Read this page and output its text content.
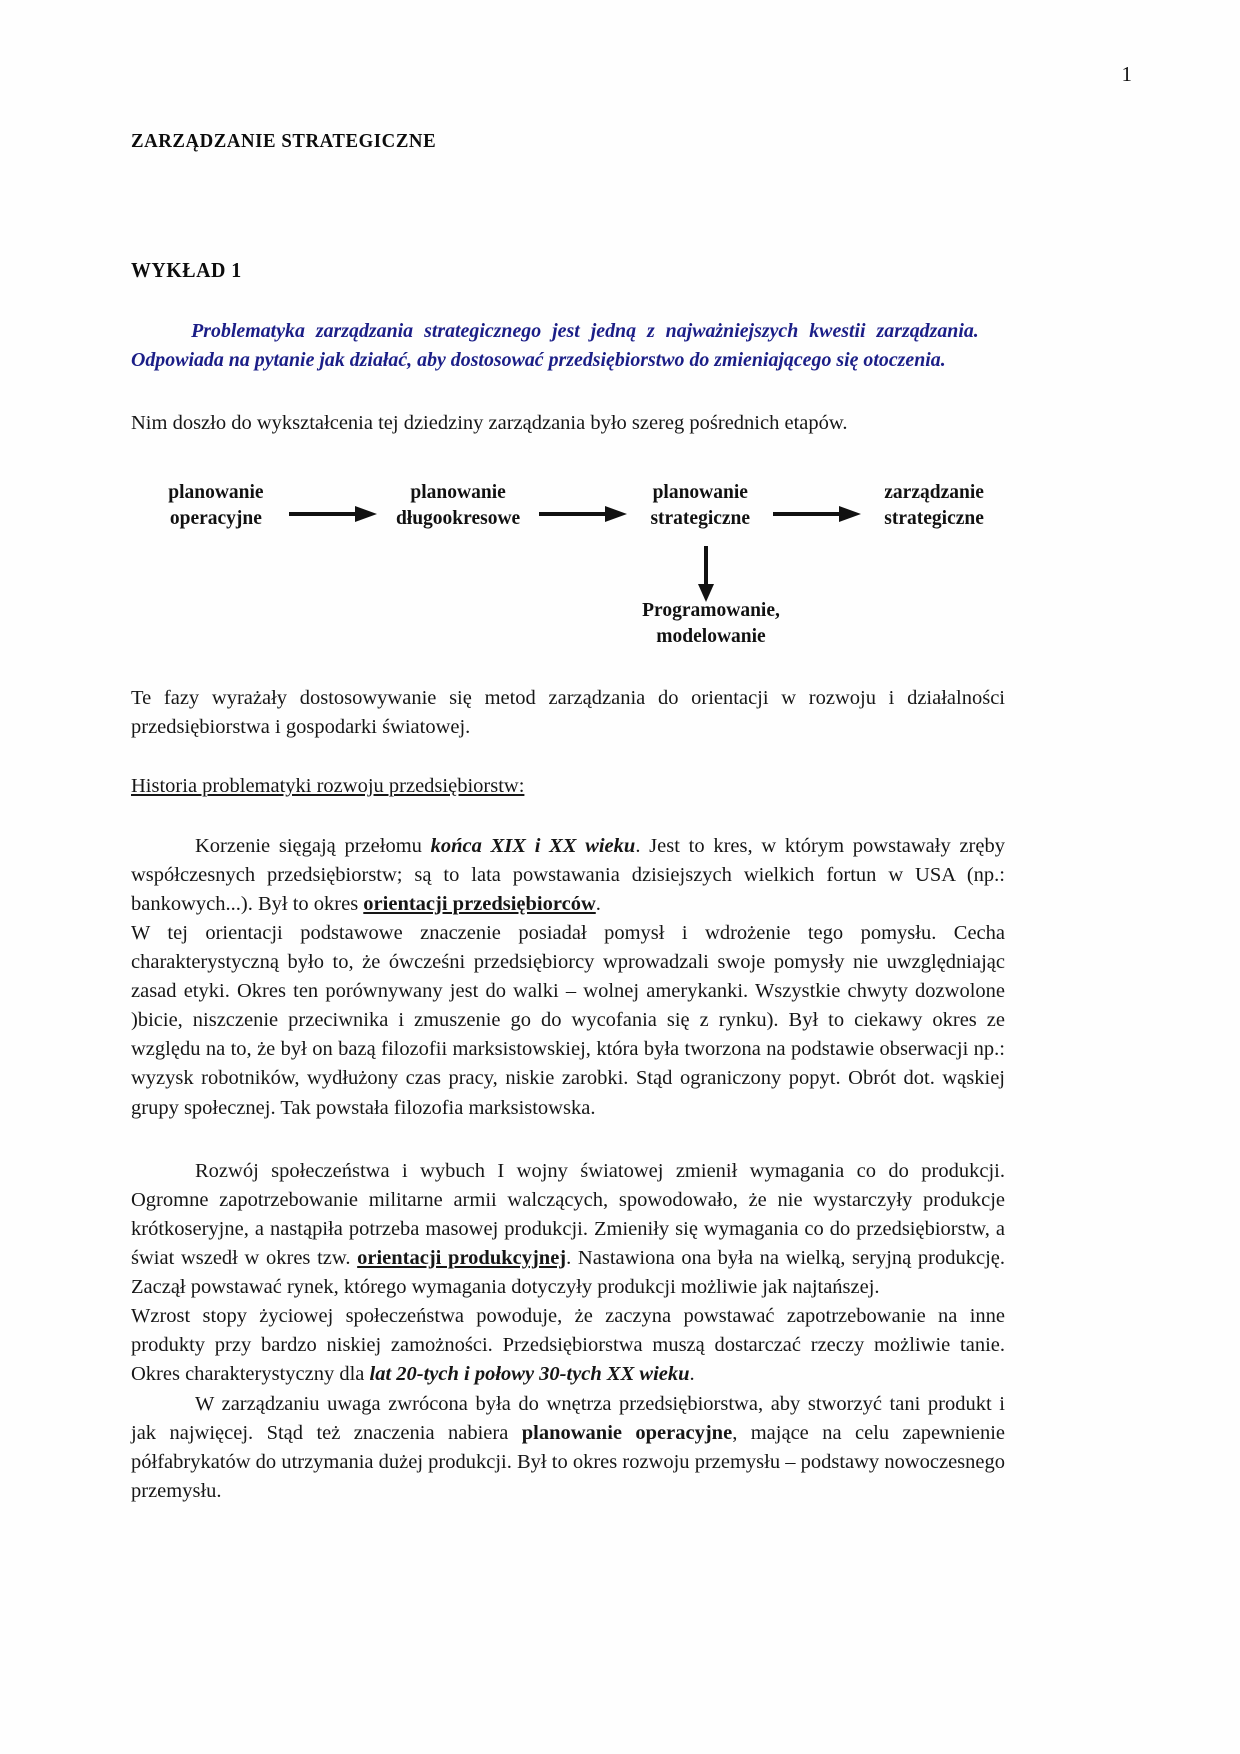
1
ZARZĄDZANIE STRATEGICZNE
WYKŁAD 1

Problematyka zarządzania strategicznego jest jedną z najważniejszych kwestii zarządzania. Odpowiada na pytanie jak działać, aby dostosować przedsiębiorstwo do zmieniającego się otoczenia.

Nim doszło do wykształcenia tej dziedziny zarządzania było szereg pośrednich etapów.

planowanie
operacyjne
planowanie
długookresowe
planowanie
strategiczne
zarządzanie
strategiczne
Programowanie,
modelowanie

Te fazy wyrażały dostosowywanie się metod zarządzania do orientacji w rozwoju i działalności przedsiębiorstwa i gospodarki światowej.

Historia problematyki rozwoju przedsiębiorstw:

Korzenie sięgają przełomu końca XIX i XX wieku. Jest to kres, w którym powstawały zręby współczesnych przedsiębiorstw; są to lata powstawania dzisiejszych wielkich fortun w USA (np.: bankowych...). Był to okres orientacji przedsiębiorców.

W tej orientacji podstawowe znaczenie posiadał pomysł i wdrożenie tego pomysłu. Cecha charakterystyczną było to, że ówcześni przedsiębiorcy wprowadzali swoje pomysły nie uwzględniając zasad etyki. Okres ten porównywany jest do walki – wolnej amerykanki. Wszystkie chwyty dozwolone )bicie, niszczenie przeciwnika i zmuszenie go do wycofania się z rynku). Był to ciekawy okres ze względu na to, że był on bazą filozofii marksistowskiej, która była tworzona na podstawie obserwacji np.: wyzysk robotników, wydłużony czas pracy, niskie zarobki. Stąd ograniczony popyt. Obrót dot. wąskiej grupy społecznej. Tak powstała filozofia marksistowska.

Rozwój społeczeństwa i wybuch I wojny światowej zmienił wymagania co do produkcji. Ogromne zapotrzebowanie militarne armii walczących, spowodowało, że nie wystarczyły produkcje krótkoseryjne, a nastąpiła potrzeba masowej produkcji. Zmieniły się wymagania co do przedsiębiorstw, a świat wszedł w okres tzw. orientacji produkcyjnej. Nastawiona ona była na wielką, seryjną produkcję. Zaczął powstawać rynek, którego wymagania dotyczyły produkcji możliwie jak najtańszej.

Wzrost stopy życiowej społeczeństwa powoduje, że zaczyna powstawać zapotrzebowanie na inne produkty przy bardzo niskiej zamożności. Przedsiębiorstwa muszą dostarczać rzeczy możliwie tanie. Okres charakterystyczny dla lat 20-tych i połowy 30-tych XX wieku.

W zarządzaniu uwaga zwrócona była do wnętrza przedsiębiorstwa, aby stworzyć tani produkt i jak najwięcej. Stąd też znaczenia nabiera planowanie operacyjne, mające na celu zapewnienie półfabrykatów do utrzymania dużej produkcji. Był to okres rozwoju przemysłu – podstawy nowoczesnego przemysłu.
